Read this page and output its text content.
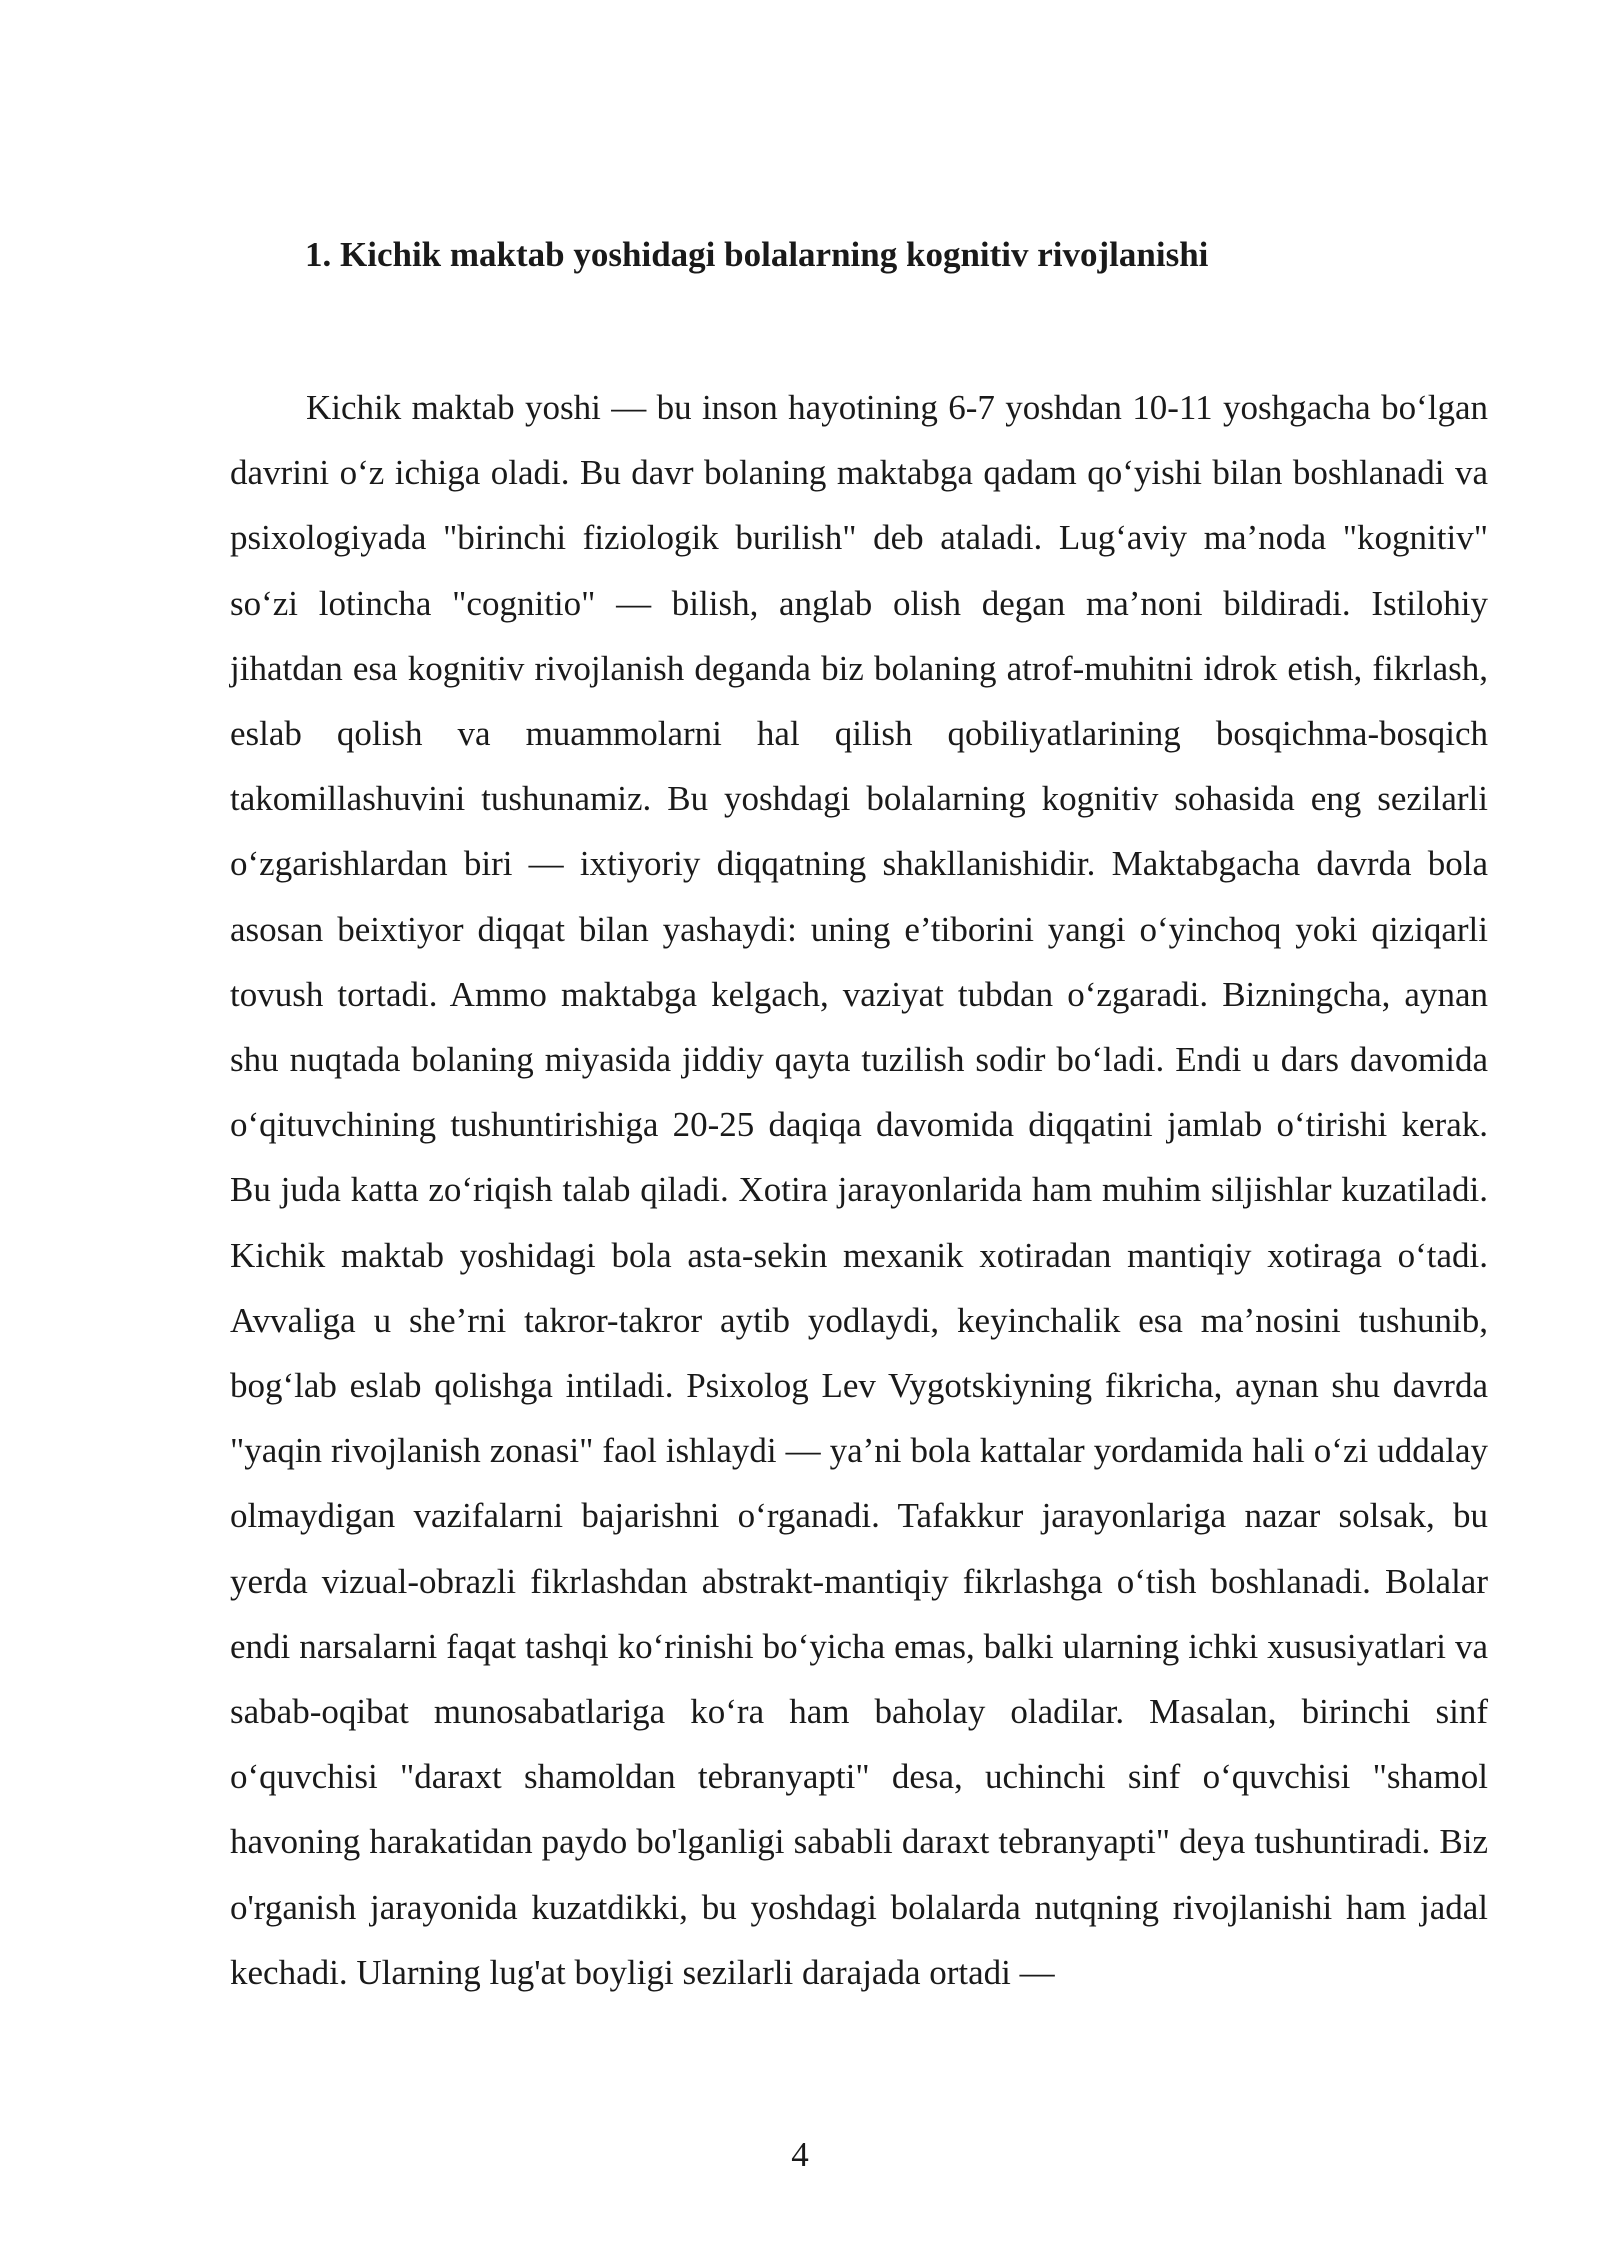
1. Kichik maktab yoshidagi bolalarning kognitiv rivojlanishi

Kichik maktab yoshi — bu inson hayotining 6-7 yoshdan 10-11 yoshgacha bo‘lgan davrini o‘z ichiga oladi. Bu davr bolaning maktabga qadam qo‘yishi bilan boshlanadi va psixologiyada "birinchi fiziologik burilish" deb ataladi. Lug‘aviy ma’noda "kognitiv" so‘zi lotincha "cognitio" — bilish, anglab olish degan ma’noni bildiradi. Istilohiy jihatdan esa kognitiv rivojlanish deganda biz bolaning atrof-muhitni idrok etish, fikrlash, eslab qolish va muammolarni hal qilish qobiliyatlarining bosqichma-bosqich takomillashuvini tushunamiz. Bu yoshdagi bolalarning kognitiv sohasida eng sezilarli o‘zgarishlardan biri — ixtiyoriy diqqatning shakllanishidir. Maktabgacha davrda bola asosan beixtiyor diqqat bilan yashaydi: uning e’tiborini yangi o‘yinchoq yoki qiziqarli tovush tortadi. Ammo maktabga kelgach, vaziyat tubdan o‘zgaradi. Bizningcha, aynan shu nuqtada bolaning miyasida jiddiy qayta tuzilish sodir bo‘ladi. Endi u dars davomida o‘qituvchining tushuntirishiga 20-25 daqiqa davomida diqqatini jamlab o‘tirishi kerak. Bu juda katta zo‘riqish talab qiladi. Xotira jarayonlarida ham muhim siljishlar kuzatiladi. Kichik maktab yoshidagi bola asta-sekin mexanik xotiradan mantiqiy xotiraga o‘tadi. Avvaliga u she’rni takror-takror aytib yodlaydi, keyinchalik esa ma’nosini tushunib, bog‘lab eslab qolishga intiladi. Psixolog Lev Vygotskiyning fikricha, aynan shu davrda "yaqin rivojlanish zonasi" faol ishlaydi — ya’ni bola kattalar yordamida hali o‘zi uddalay olmaydigan vazifalarni bajarishni o‘rganadi. Tafakkur jarayonlariga nazar solsak, bu yerda vizual-obrazli fikrlashdan abstrakt-mantiqiy fikrlashga o‘tish boshlanadi. Bolalar endi narsalarni faqat tashqi ko‘rinishi bo‘yicha emas, balki ularning ichki xususiyatlari va sabab-oqibat munosabatlariga ko‘ra ham baholay oladilar. Masalan, birinchi sinf o‘quvchisi "daraxt shamoldan tebranyapti" desa, uchinchi sinf o‘quvchisi "shamol havoning harakatidan paydo bo'lganligi sababli daraxt tebranyapti" deya tushuntiradi. Biz o'rganish jarayonida kuzatdikki, bu yoshdagi bolalarda nutqning rivojlanishi ham jadal kechadi. Ularning lug'at boyligi sezilarli darajada ortadi —

4
